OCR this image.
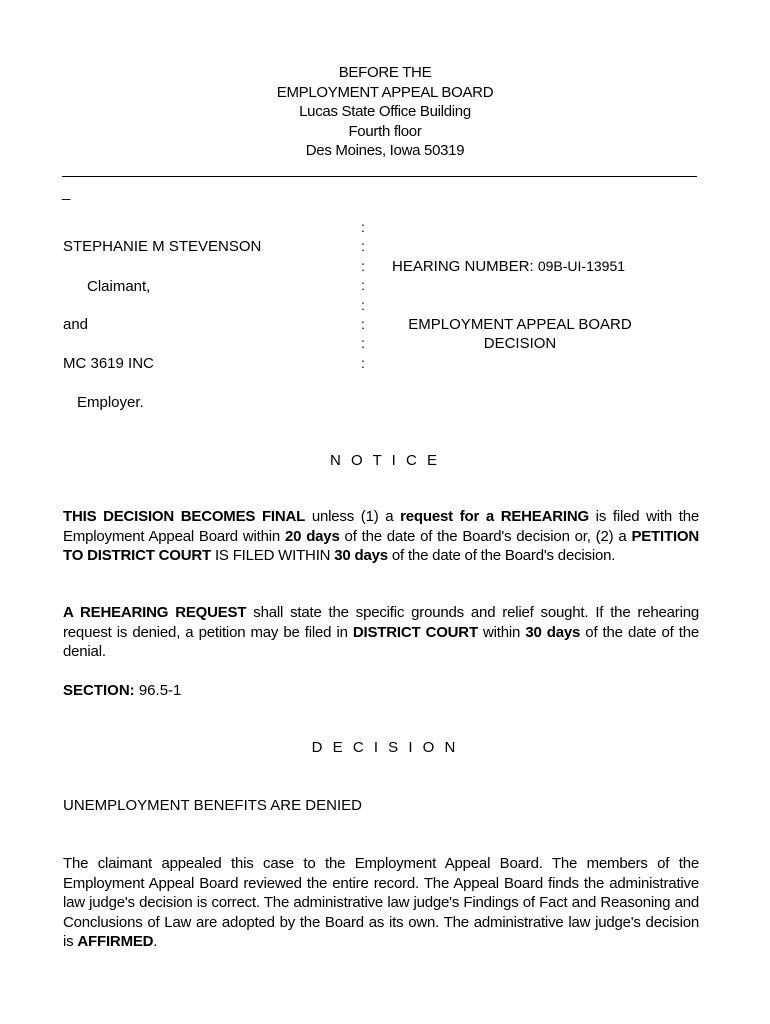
BEFORE THE
EMPLOYMENT APPEAL BOARD
Lucas State Office Building
Fourth floor
Des Moines, Iowa 50319
_
STEPHANIE M STEVENSON
Claimant,
and
MC 3619 INC
Employer.
:
:
:
:
:
:
:
:
HEARING NUMBER: 09B-UI-13951
EMPLOYMENT APPEAL BOARD
DECISION
N O T I C E
THIS DECISION BECOMES FINAL unless (1) a request for a REHEARING is filed with the Employment Appeal Board within 20 days of the date of the Board's decision or, (2) a PETITION TO DISTRICT COURT IS FILED WITHIN 30 days of the date of the Board's decision.
A REHEARING REQUEST shall state the specific grounds and relief sought. If the rehearing request is denied, a petition may be filed in DISTRICT COURT within 30 days of the date of the denial.
SECTION: 96.5-1
D E C I S I O N
UNEMPLOYMENT BENEFITS ARE DENIED
The claimant appealed this case to the Employment Appeal Board. The members of the Employment Appeal Board reviewed the entire record. The Appeal Board finds the administrative law judge's decision is correct. The administrative law judge's Findings of Fact and Reasoning and Conclusions of Law are adopted by the Board as its own. The administrative law judge's decision is AFFIRMED.
